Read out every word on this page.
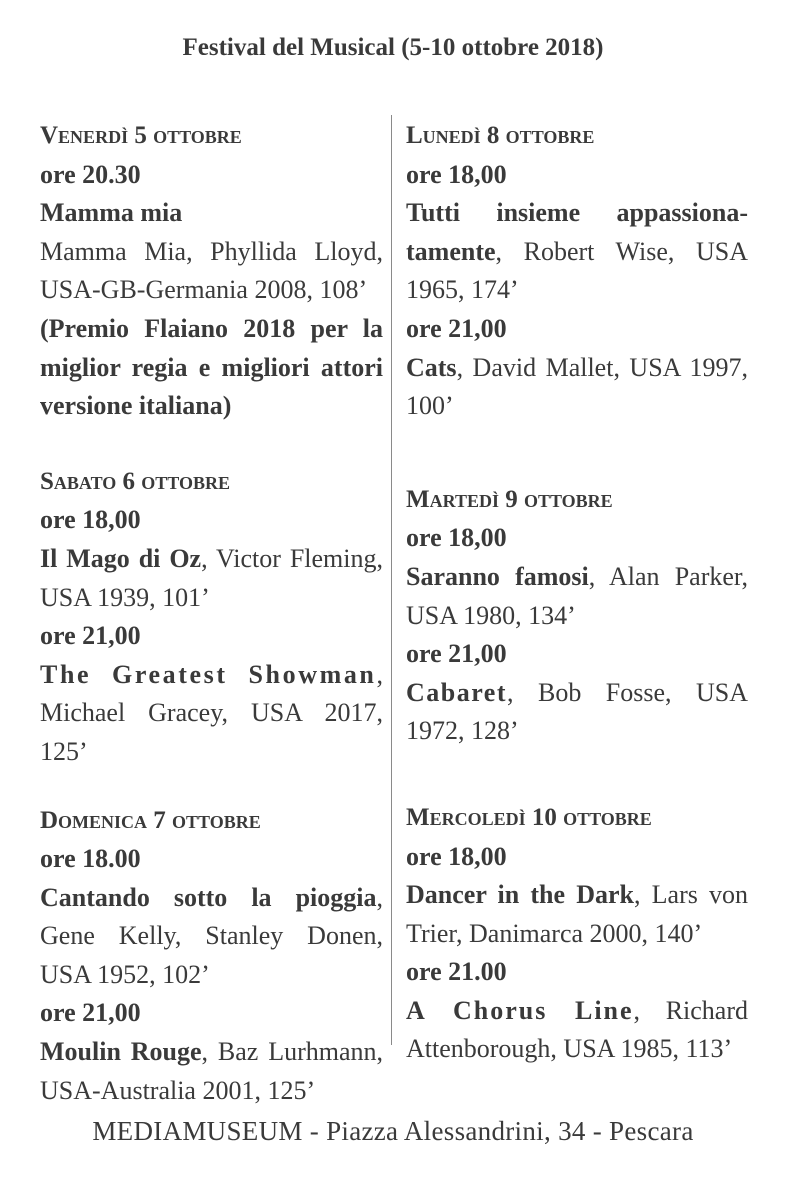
Festival del Musical (5-10 ottobre 2018)
Venerdì 5 ottobre
ore 20.30
Mamma mia
Mamma Mia, Phyllida Lloyd, USA-GB-Germania 2008, 108’
(Premio Flaiano 2018 per la miglior regia e migliori attori versione italiana)
Sabato 6 ottobre
ore 18,00
Il Mago di Oz, Victor Fleming, USA 1939, 101’
ore 21,00
The Greatest Showman, Michael Gracey, USA 2017, 125’
Domenica 7 ottobre
ore 18.00
Cantando sotto la pioggia, Gene Kelly, Stanley Donen, USA 1952, 102’
ore 21,00
Moulin Rouge, Baz Lurhmann, USA-Australia 2001, 125’
Lunedì 8 ottobre
ore 18,00
Tutti insieme appassiona-tamente, Robert Wise, USA 1965, 174’
ore 21,00
Cats, David Mallet, USA 1997, 100’
Martedì 9 ottobre
ore 18,00
Saranno famosi, Alan Parker, USA 1980, 134’
ore 21,00
Cabaret, Bob Fosse, USA 1972, 128’
Mercoledì 10 ottobre
ore 18,00
Dancer in the Dark, Lars von Trier, Danimarca 2000, 140’
ore 21.00
A Chorus Line, Richard Attenborough, USA 1985, 113’
MEDIAMUSEUM - Piazza Alessandrini, 34 - Pescara
